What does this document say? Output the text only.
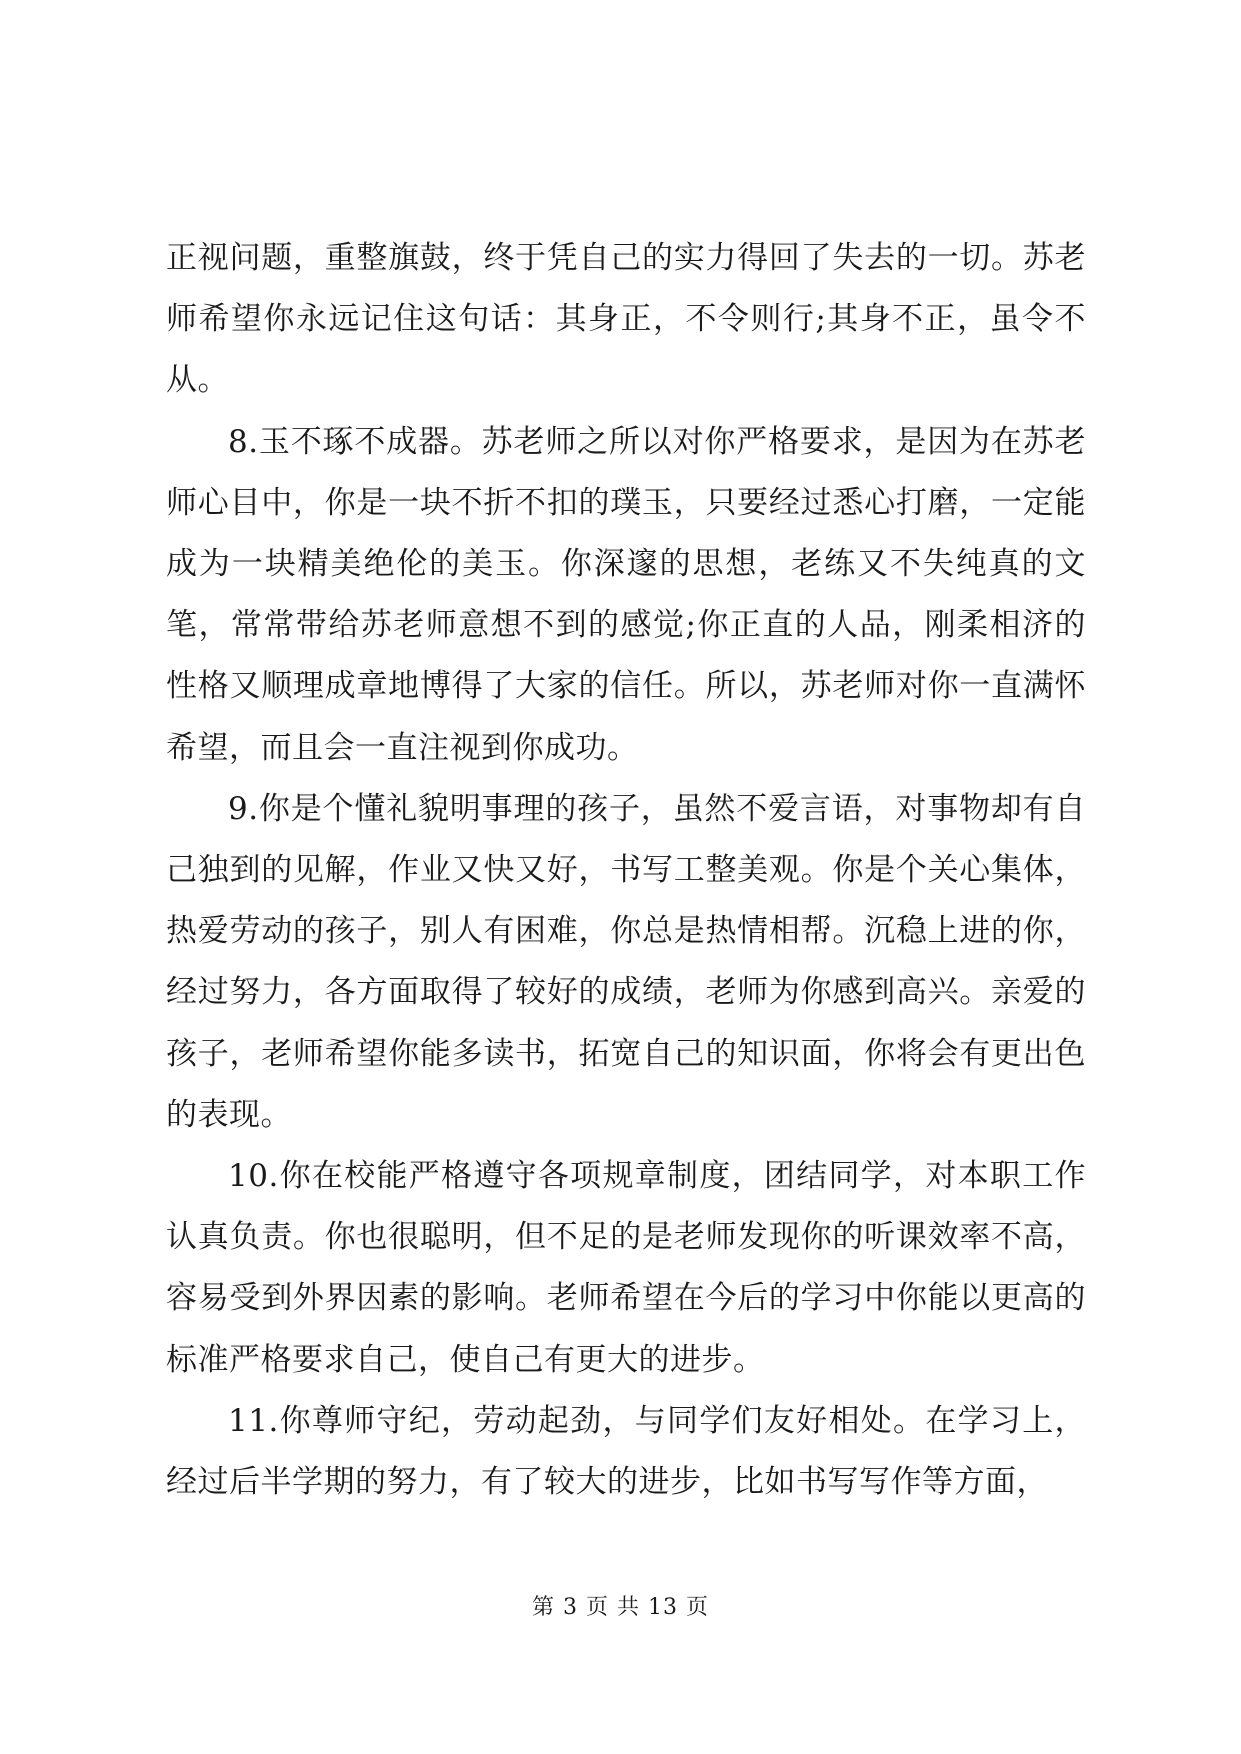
正视问题，重整旗鼓，终于凭自己的实力得回了失去的一切。苏老师希望你永远记住这句话：其身正，不令则行;其身不正，虽令不从。

8.玉不琢不成器。苏老师之所以对你严格要求，是因为在苏老师心目中，你是一块不折不扣的璞玉，只要经过悉心打磨，一定能成为一块精美绝伦的美玉。你深邃的思想，老练又不失纯真的文笔，常常带给苏老师意想不到的感觉;你正直的人品，刚柔相济的性格又顺理成章地博得了大家的信任。所以，苏老师对你一直满怀希望，而且会一直注视到你成功。

9.你是个懂礼貌明事理的孩子，虽然不爱言语，对事物却有自己独到的见解，作业又快又好，书写工整美观。你是个关心集体，热爱劳动的孩子，别人有困难，你总是热情相帮。沉稳上进的你，经过努力，各方面取得了较好的成绩，老师为你感到高兴。亲爱的孩子，老师希望你能多读书，拓宽自己的知识面，你将会有更出色的表现。

10.你在校能严格遵守各项规章制度，团结同学，对本职工作认真负责。你也很聪明，但不足的是老师发现你的听课效率不高，容易受到外界因素的影响。老师希望在今后的学习中你能以更高的标准严格要求自己，使自己有更大的进步。

11.你尊师守纪，劳动起劲，与同学们友好相处。在学习上，经过后半学期的努力，有了较大的进步，比如书写写作等方面，

第 3 页 共 13 页
